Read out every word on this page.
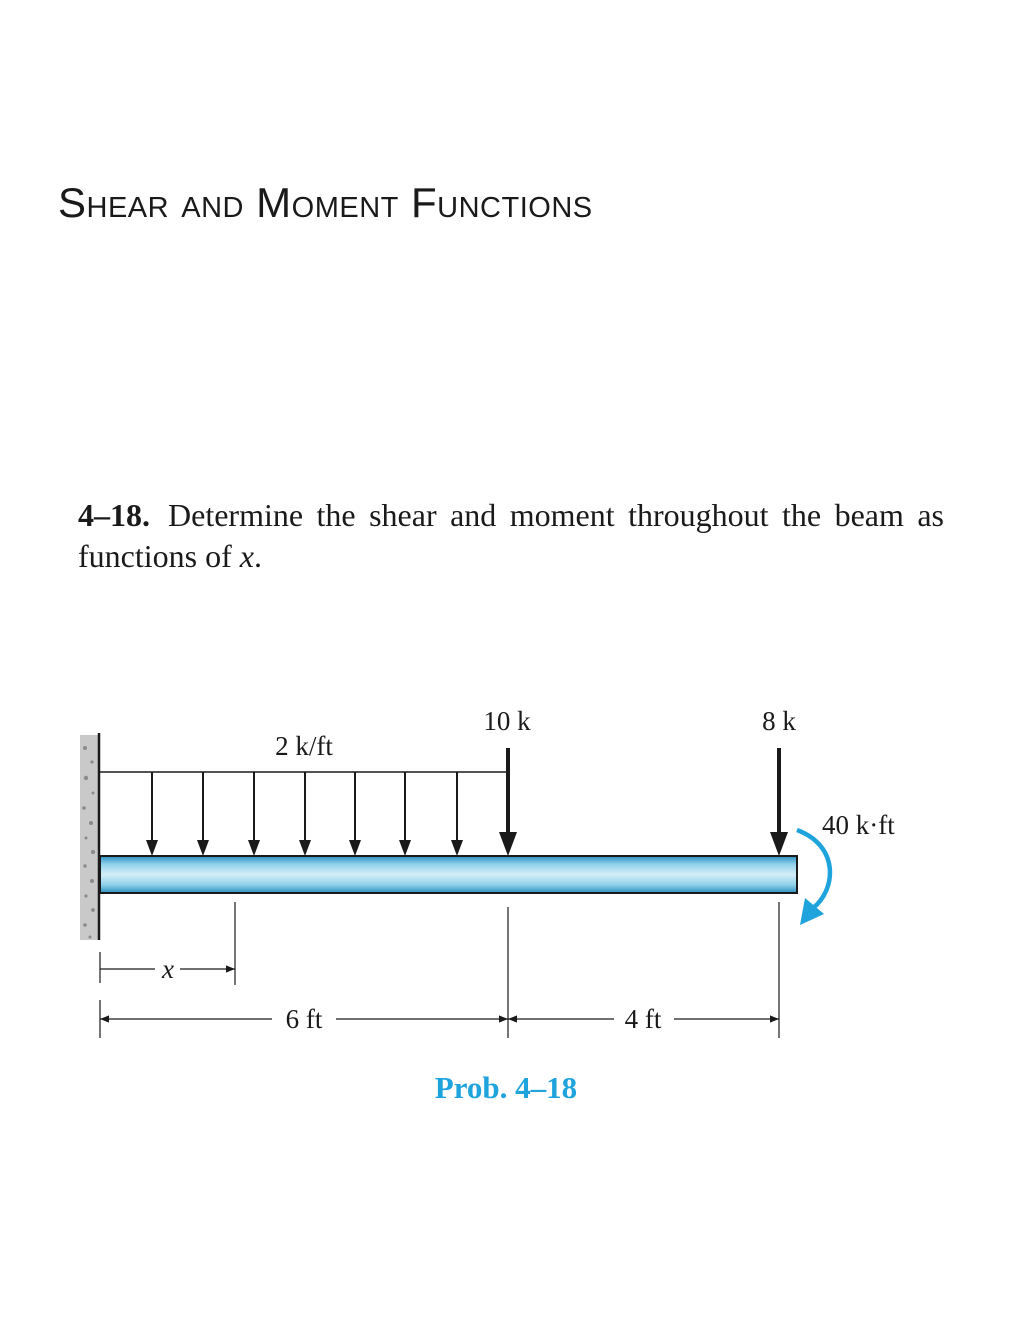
Shear and Moment Functions

4–18. Determine the shear and moment throughout the beam as functions of x.

2 k/ft
10 k	8 k
40 k·ft
x
6 ft	4 ft

Prob. 4–18
